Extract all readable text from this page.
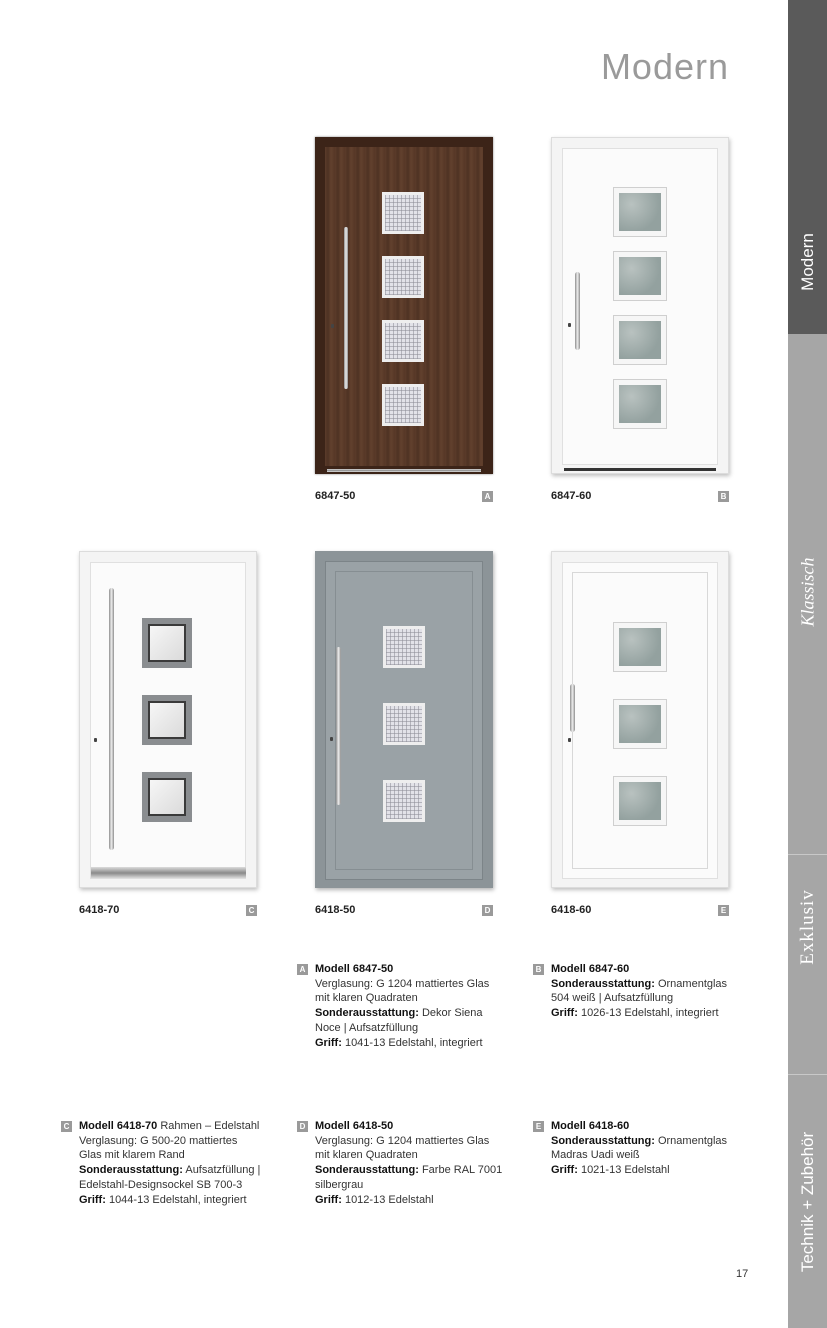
Modern
Modern
Klassisch
Exklusiv
Technik + Zubehör
6847-50	A	6847-60	B
6418-70	C	6418-50	D	6418-60	E
A Modell 6847-50
Verglasung: G 1204 mattiertes Glas
mit klaren Quadraten
Sonderausstattung: Dekor Siena
Noce | Aufsatzfüllung
Griff: 1041-13 Edelstahl, integriert
B Modell 6847-60
Sonderausstattung: Ornamentglas
504 weiß | Aufsatzfüllung
Griff: 1026-13 Edelstahl, integriert
C Modell 6418-70 Rahmen – Edelstahl
Verglasung: G 500-20 mattiertes
Glas mit klarem Rand
Sonderausstattung: Aufsatzfüllung |
Edelstahl-Designsockel SB 700-3
Griff: 1044-13 Edelstahl, integriert
D Modell 6418-50
Verglasung: G 1204 mattiertes Glas
mit klaren Quadraten
Sonderausstattung: Farbe RAL 7001
silbergrau
Griff: 1012-13 Edelstahl
E Modell 6418-60
Sonderausstattung: Ornamentglas
Madras Uadi weiß
Griff: 1021-13 Edelstahl
17
